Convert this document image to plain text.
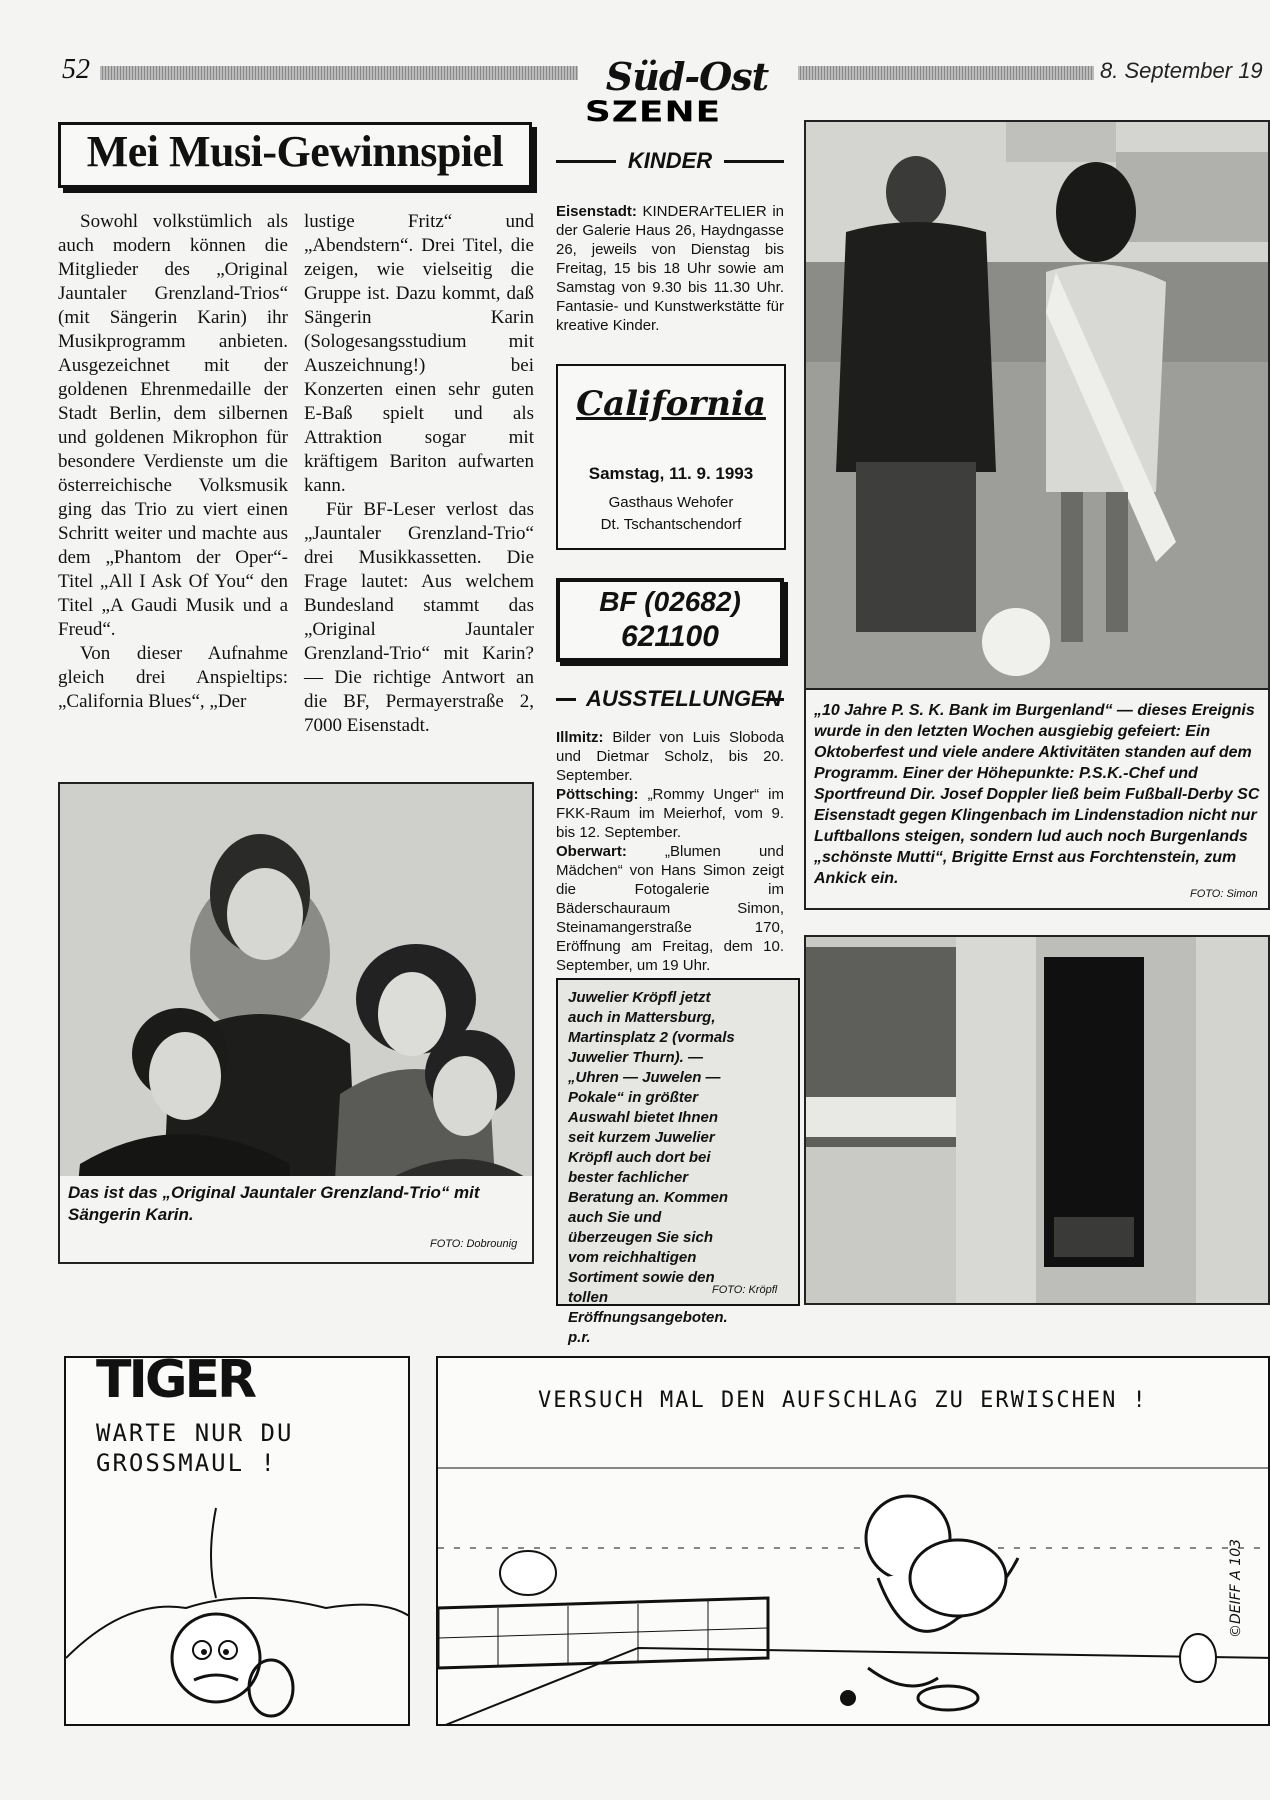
52	8. September 19
Süd-Ost
SZENE
Mei Musi-Gewinnspiel

Sowohl volkstümlich als auch modern können die Mitglieder des „Original Jauntaler Grenzland-Trios“ (mit Sängerin Karin) ihr Musikprogramm anbieten. Ausgezeichnet mit der goldenen Ehrenmedaille der Stadt Berlin, dem silbernen und goldenen Mikrophon für besondere Verdienste um die österreichische Volksmusik ging das Trio zu viert einen Schritt weiter und machte aus dem „Phantom der Oper“-Titel „All I Ask Of You“ den Titel „A Gaudi Musik und a Freud“.

Von dieser Aufnahme gleich drei Anspieltips: „California Blues“, „Der

lustige Fritz“ und „Abendstern“. Drei Titel, die zeigen, wie vielseitig die Gruppe ist. Dazu kommt, daß Sängerin Karin (Sologesangsstudium mit Auszeichnung!) bei Konzerten einen sehr guten E-Baß spielt und als Attraktion sogar mit kräftigem Bariton aufwarten kann.

Für BF-Leser verlost das „Jauntaler Grenzland-Trio“ drei Musikkassetten. Die Frage lautet: Aus welchem Bundesland stammt das „Original Jauntaler Grenzland-Trio“ mit Karin? — Die richtige Antwort an die BF, Permayerstraße 2, 7000 Eisenstadt.

Das ist das „Original Jauntaler Grenzland-Trio“ mit Sängerin Karin.
FOTO: Dobrounig
KINDER
Eisenstadt: KINDERArTELIER in der Galerie Haus 26, Haydngasse 26, jeweils von Dienstag bis Freitag, 15 bis 18 Uhr sowie am Samstag von 9.30 bis 11.30 Uhr. Fantasie- und Kunstwerkstätte für kreative Kinder.
California
Samstag, 11. 9. 1993
Gasthaus Wehofer
Dt. Tschantschendorf
BF (02682)
621100
AUSSTELLUNGEN
Illmitz: Bilder von Luis Sloboda und Dietmar Scholz, bis 20. September.
Pöttsching: „Rommy Unger“ im FKK-Raum im Meierhof, vom 9. bis 12. September.
Oberwart:	„Blumen und Mädchen“ von Hans Simon zeigt die Fotogalerie im Bäderschauraum Simon, Steinamangerstraße 170, Eröffnung am Freitag, dem 10. September, um 19 Uhr.
Juwelier Kröpfl jetzt auch in Mattersburg, Martinsplatz 2 (vormals Juwelier Thurn). — „Uhren — Juwelen — Pokale“ in größter Auswahl bietet Ihnen seit kurzem Juwelier Kröpfl auch dort bei bester fachlicher Beratung an. Kommen auch Sie und überzeugen Sie sich vom reichhaltigen Sortiment sowie den tollen Eröffnungsangeboten. p.r.
FOTO: Kröpfl
„10 Jahre P. S. K. Bank im Burgenland“ — dieses Ereignis wurde in den letzten Wochen ausgiebig gefeiert: Ein Oktoberfest und viele andere Aktivitäten standen auf dem Programm. Einer der Höhepunkte: P.S.K.-Chef und Sportfreund Dir. Josef Doppler ließ beim Fußball-Derby SC Eisenstadt gegen Klingenbach im Lindenstadion nicht nur Luftballons steigen, sondern lud auch noch Burgenlands „schönste Mutti“, Brigitte Ernst aus Forchtenstein, zum Ankick ein.
FOTO: Simon
TIGER
WARTE NUR DU GROSSMAUL !
VERSUCH MAL DEN AUFSCHLAG ZU ERWISCHEN !
©DEIFF A 103
